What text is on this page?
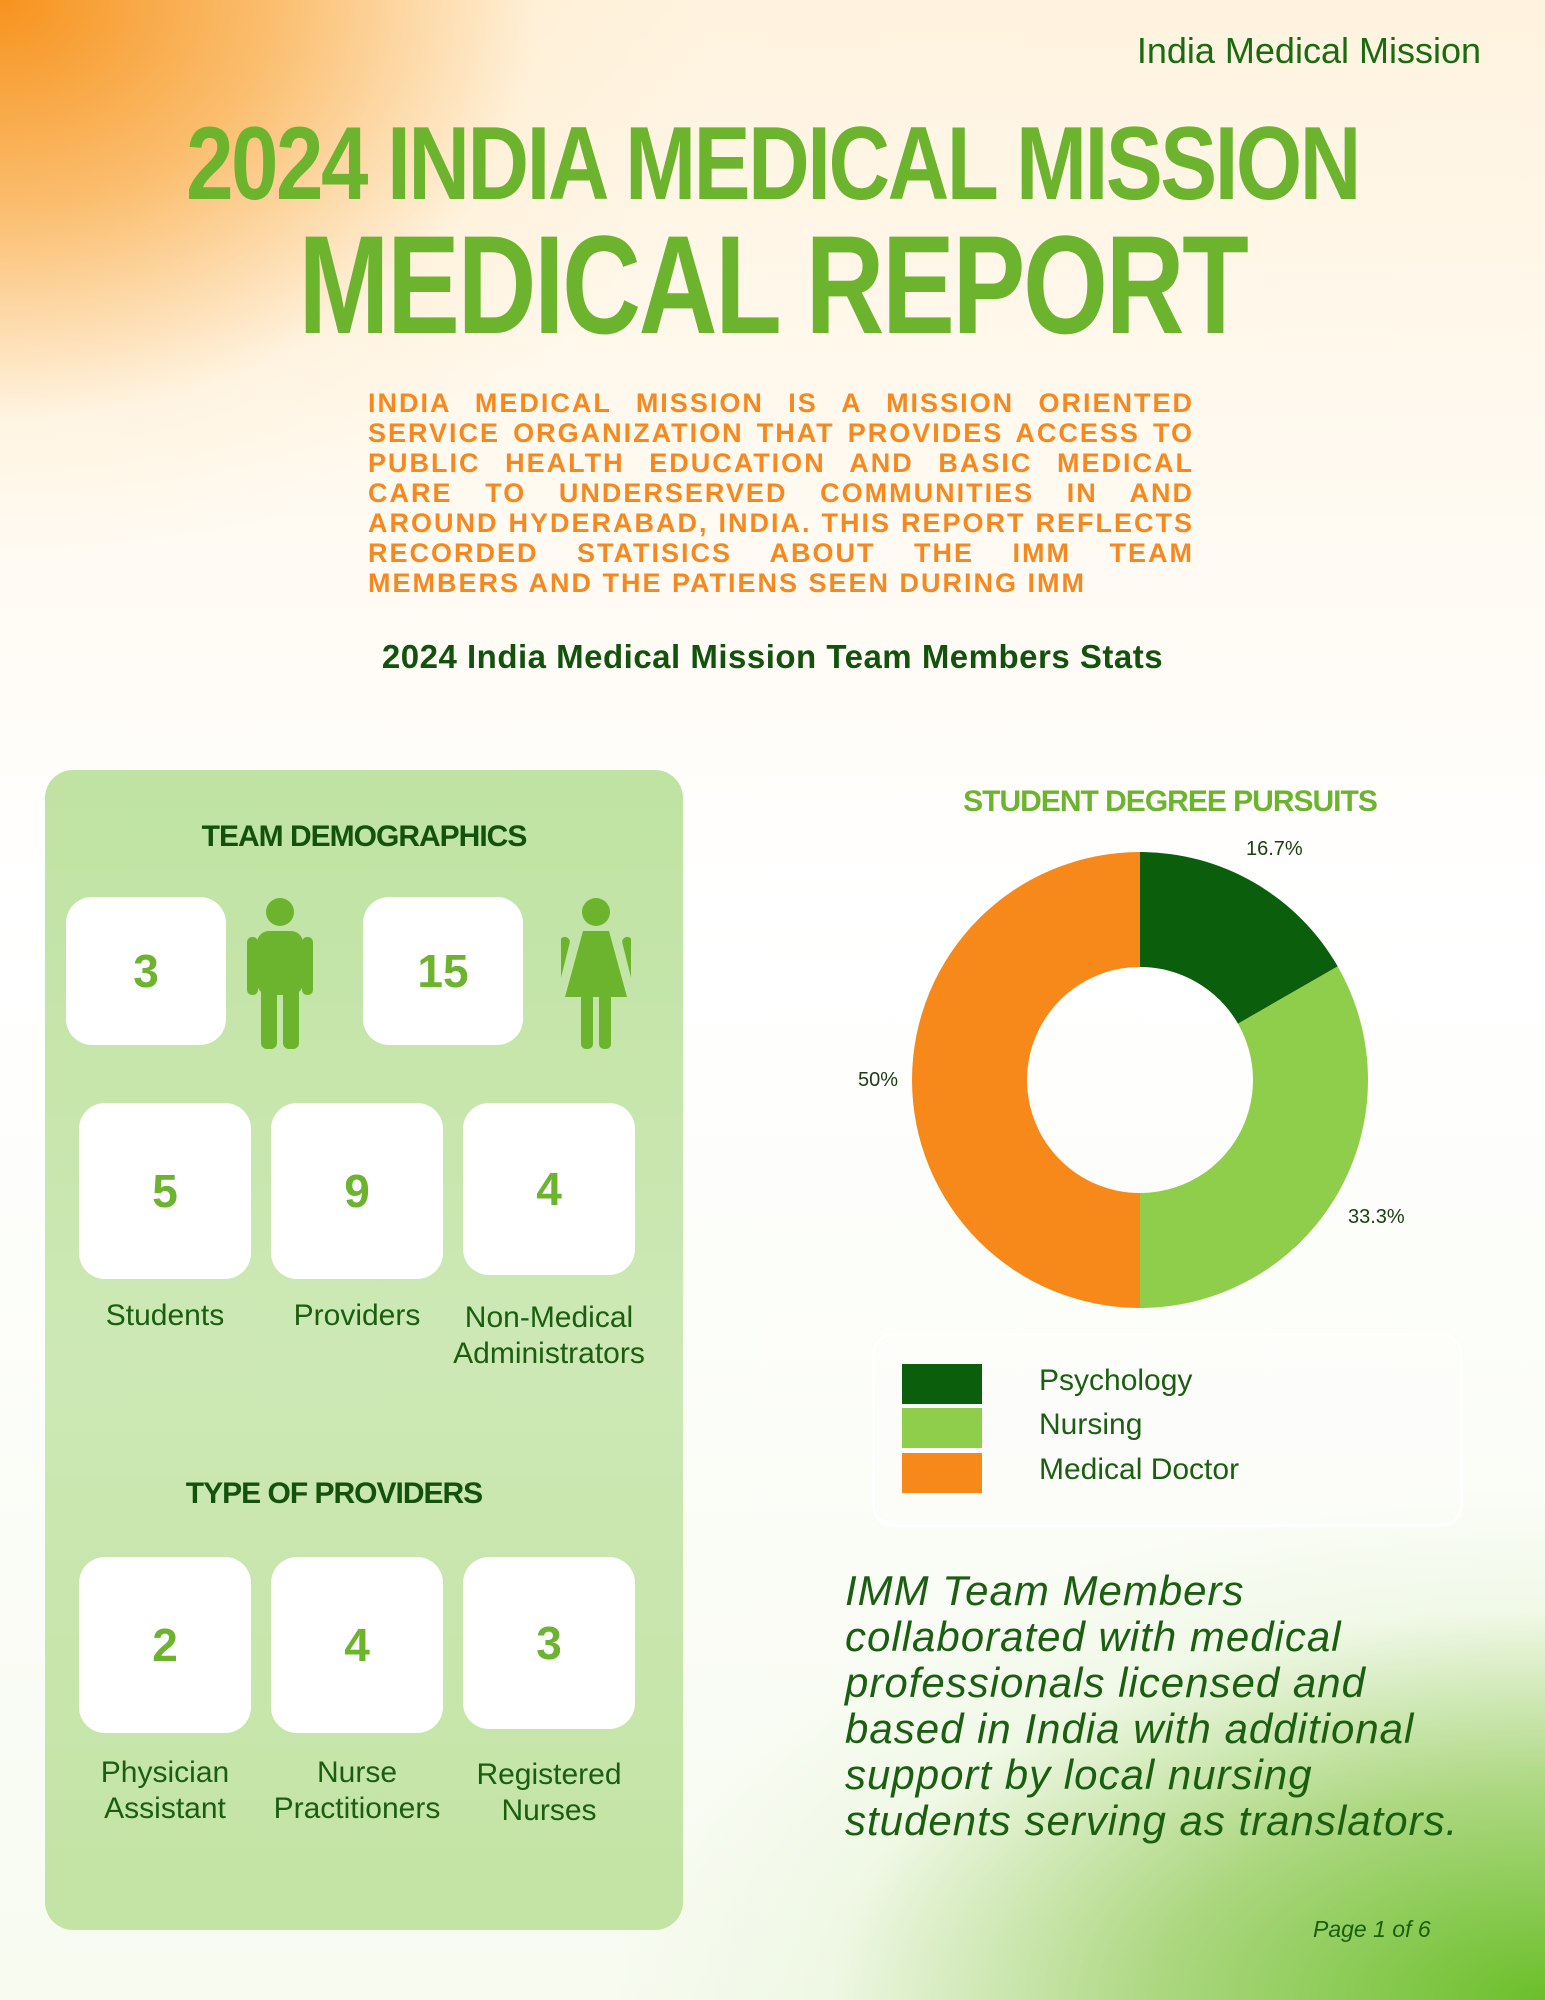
India Medical Mission
2024 INDIA MEDICAL MISSION
MEDICAL REPORT
INDIA MEDICAL MISSION IS A MISSION ORIENTED SERVICE ORGANIZATION THAT PROVIDES ACCESS TO PUBLIC HEALTH EDUCATION AND BASIC MEDICAL CARE TO UNDERSERVED COMMUNITIES IN AND AROUND HYDERABAD, INDIA. THIS REPORT REFLECTS RECORDED STATISICS ABOUT THE IMM TEAM MEMBERS AND THE PATIENS SEEN DURING IMM
2024 India Medical Mission Team Members Stats
TEAM DEMOGRAPHICS
3	15
5	9	4
Students	Providers	Non-Medical Administrators
TYPE OF PROVIDERS
2	4	3
Physician Assistant
Nurse Practitioners
Registered Nurses
STUDENT DEGREE PURSUITS
16.7%
33.3%
50%
Psychology
Nursing
Medical Doctor
IMM Team Members collaborated with medical professionals licensed and based in India with additional support by local nursing students serving as translators.
Page 1 of 6
